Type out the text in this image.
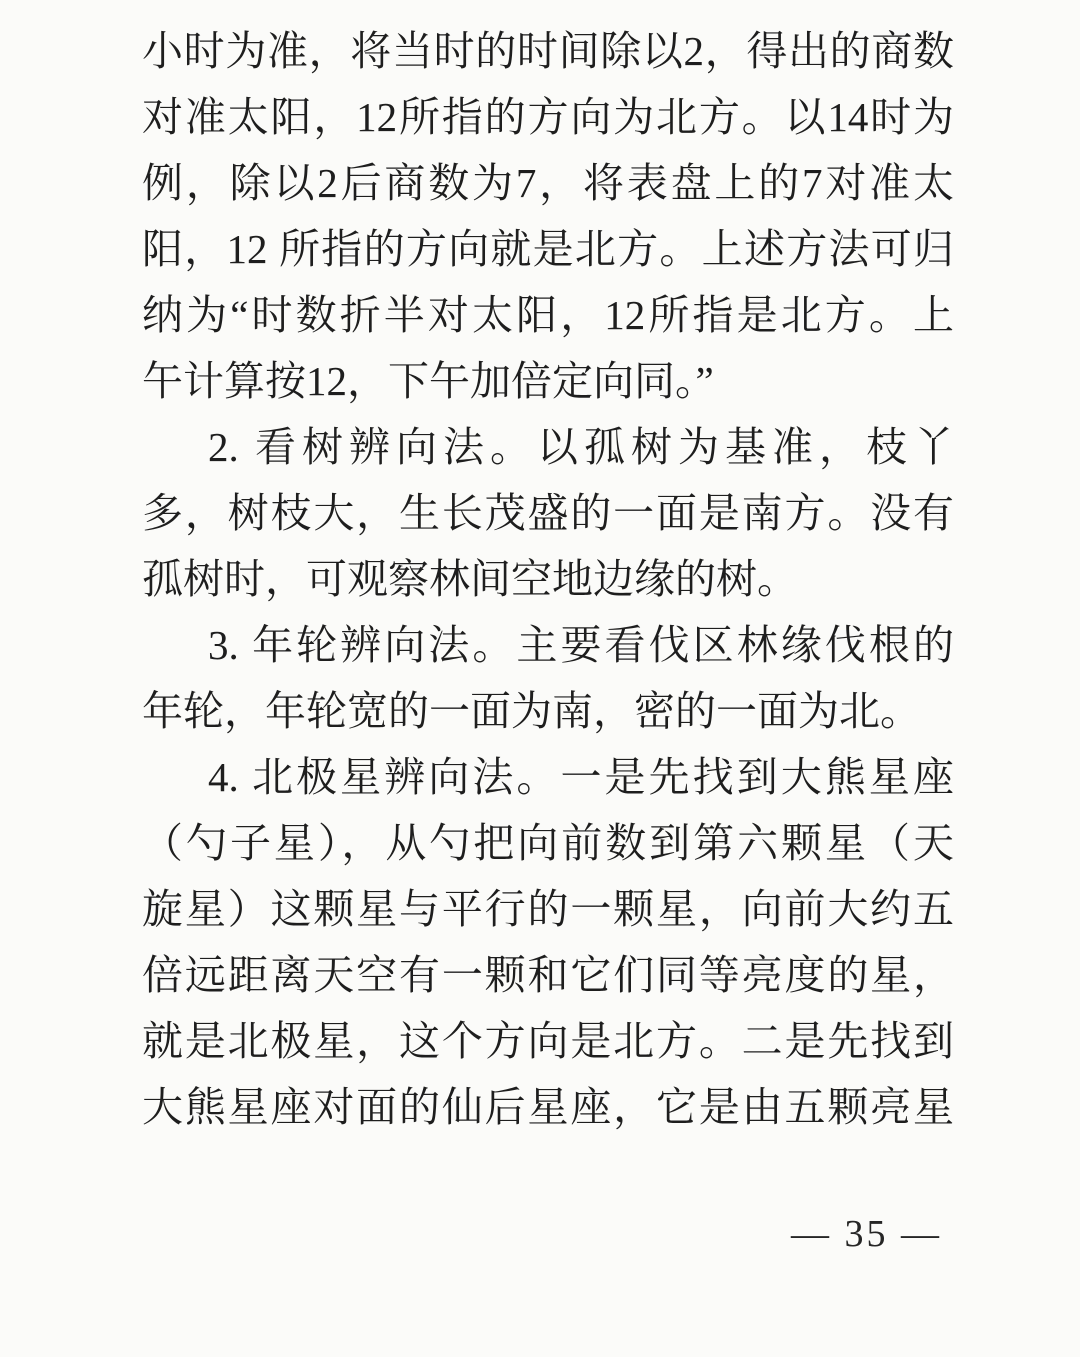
小时为准，将当时的时间除以2，得出的商数
对准太阳，12所指的方向为北方。以14时为
例，除以2后商数为7，将表盘上的7对准太
阳，12 所指的方向就是北方。上述方法可归
纳为“时数折半对太阳，12所指是北方。上
午计算按12，下午加倍定向同。”
2. 看树辨向法。以孤树为基准，枝丫
多，树枝大，生长茂盛的一面是南方。没有
孤树时，可观察林间空地边缘的树。
3. 年轮辨向法。主要看伐区林缘伐根的
年轮，年轮宽的一面为南，密的一面为北。
4. 北极星辨向法。一是先找到大熊星座
（勺子星），从勺把向前数到第六颗星（天
旋星）这颗星与平行的一颗星，向前大约五
倍远距离天空有一颗和它们同等亮度的星，
就是北极星，这个方向是北方。二是先找到
大熊星座对面的仙后星座，它是由五颗亮星
— 35 —
